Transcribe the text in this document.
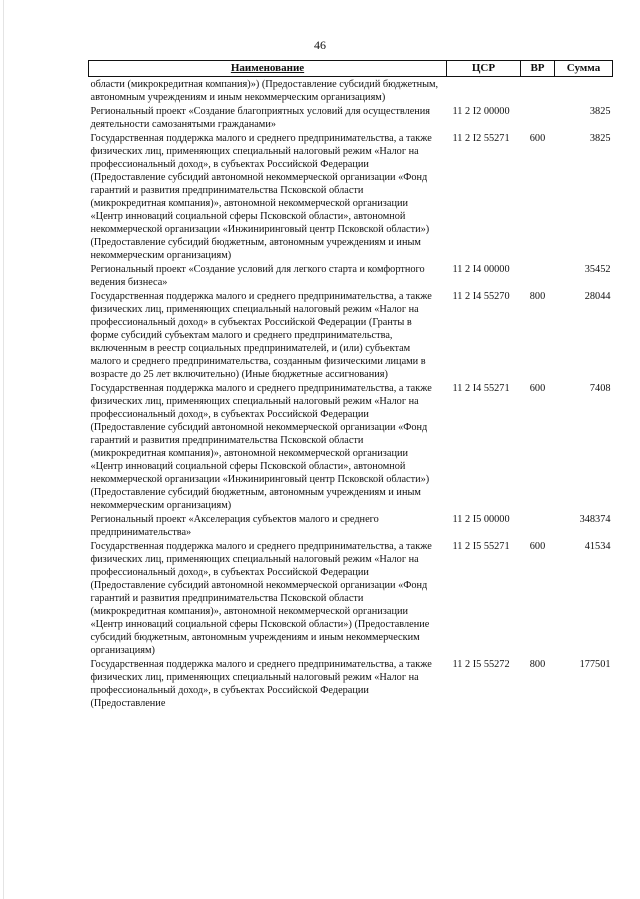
46
Наименование	ЦСР	ВР	Сумма
области (микрокредитная компания)») (Предоставление субсидий бюджетным, автономным учреждениям и иным некоммерческим организациям)			
Региональный проект «Создание благоприятных условий для осуществления деятельности самозанятыми гражданами»	11 2 I2 00000		3825
Государственная поддержка малого и среднего предпринимательства, а также физических лиц, применяющих специальный налоговый режим «Налог на профессиональный доход», в субъектах Российской Федерации (Предоставление субсидий автономной некоммерческой организации «Фонд гарантий и развития предпринимательства Псковской области (микрокредитная компания)», автономной некоммерческой организации «Центр инноваций социальной сферы Псковской области», автономной некоммерческой организации «Инжиниринговый центр Псковской области») (Предоставление субсидий бюджетным, автономным учреждениям и иным некоммерческим организациям)	11 2 I2 55271	600	3825
Региональный проект «Создание условий для легкого старта и комфортного ведения бизнеса»	11 2 I4 00000		35452
Государственная поддержка малого и среднего предпринимательства, а также физических лиц, применяющих специальный налоговый режим «Налог на профессиональный доход» в субъектах Российской Федерации (Гранты в форме субсидий субъектам малого и среднего предпринимательства, включенным в реестр социальных предпринимателей, и (или) субъектам малого и среднего предпринимательства, созданным физическими лицами в возрасте до 25 лет включительно) (Иные бюджетные ассигнования)	11 2 I4 55270	800	28044
Государственная поддержка малого и среднего предпринимательства, а также физических лиц, применяющих специальный налоговый режим «Налог на профессиональный доход», в субъектах Российской Федерации (Предоставление субсидий автономной некоммерческой организации «Фонд гарантий и развития предпринимательства Псковской области (микрокредитная компания)», автономной некоммерческой организации «Центр инноваций социальной сферы Псковской области», автономной некоммерческой организации «Инжиниринговый центр Псковской области») (Предоставление субсидий бюджетным, автономным учреждениям и иным некоммерческим организациям)	11 2 I4 55271	600	7408
Региональный проект «Акселерация субъектов малого и среднего предпринимательства»	11 2 I5 00000		348374
Государственная поддержка малого и среднего предпринимательства, а также физических лиц, применяющих специальный налоговый режим «Налог на профессиональный доход», в субъектах Российской Федерации (Предоставление субсидий автономной некоммерческой организации «Фонд гарантий и развития предпринимательства Псковской области (микрокредитная компания)», автономной некоммерческой организации «Центр инноваций социальной сферы Псковской области») (Предоставление субсидий бюджетным, автономным учреждениям и иным некоммерческим организациям)	11 2 I5 55271	600	41534
Государственная поддержка малого и среднего предпринимательства, а также физических лиц, применяющих специальный налоговый режим «Налог на профессиональный доход», в субъектах Российской Федерации (Предоставление	11 2 I5 55272	800	177501
